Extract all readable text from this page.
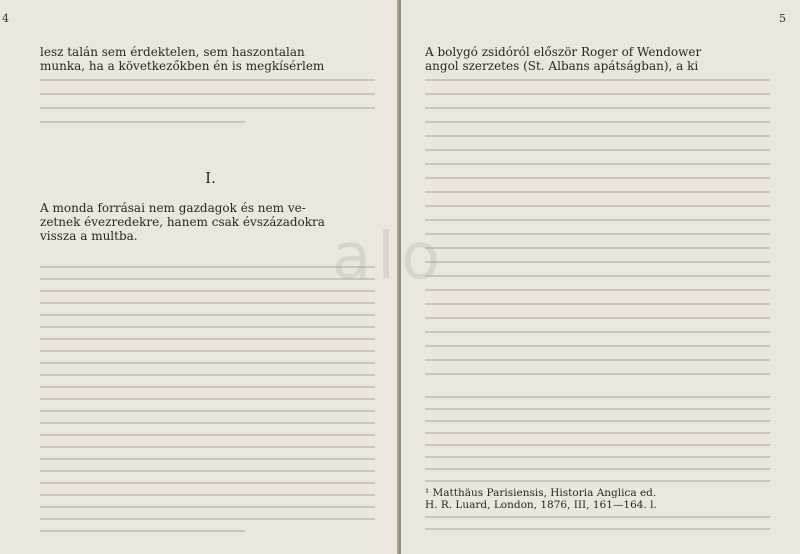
4
lesz talán sem érdektelen, sem haszontalan
munka, ha a következőkben én is megkísérlem
I.
A monda forrásai nem gazdagok és nem ve-
zetnek évezredekre, hanem csak évszázadokra
vissza a multba.
5
A bolygó zsidóról először Roger of Wendower
angol szerzetes (St. Albans apátságban), a ki
¹ Matthäus Parisiensis, Historia Anglica ed.
H. R. Luard, London, 1876, III, 161—164. l.
alo
